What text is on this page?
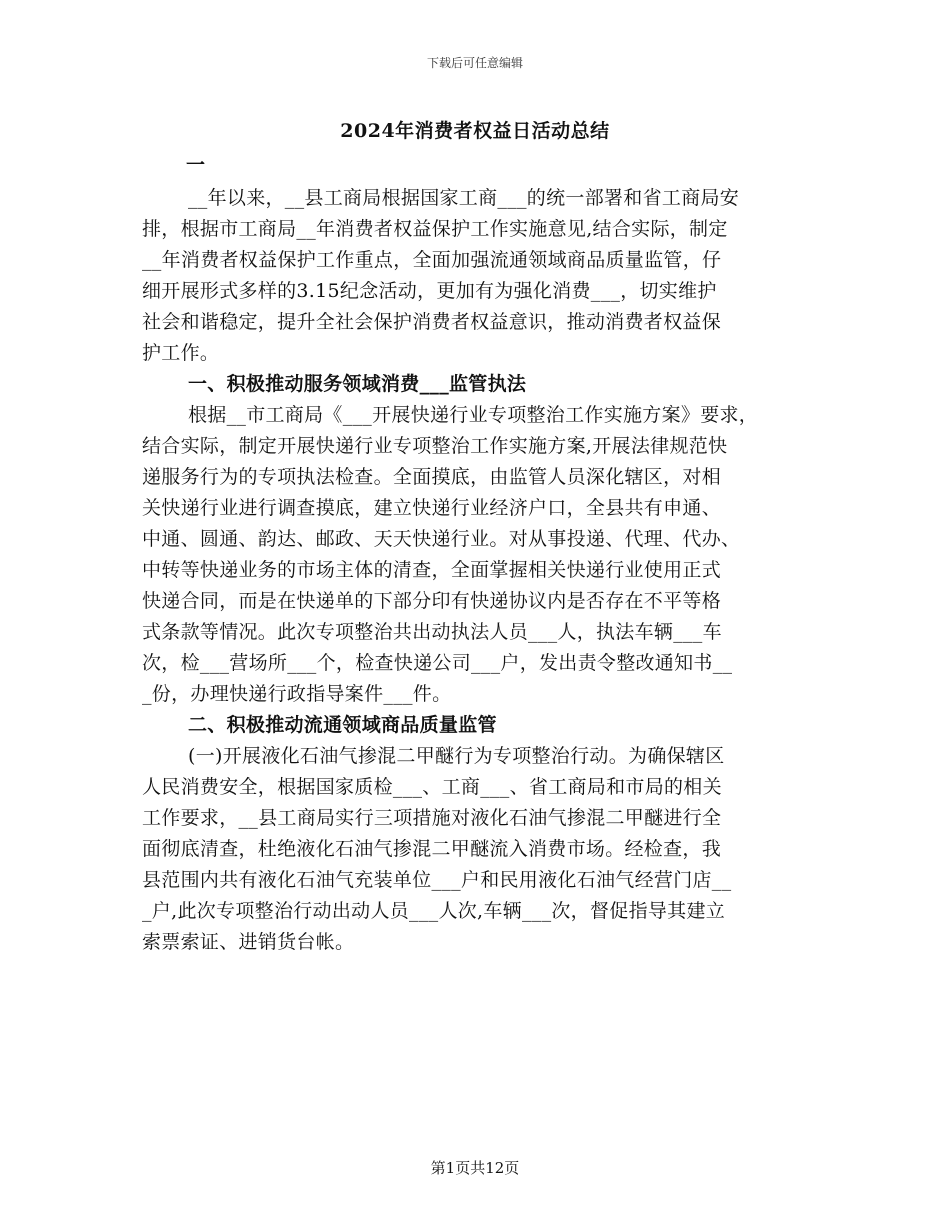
下载后可任意编辑
2024年消费者权益日活动总结
一
__年以来，__县工商局根据国家工商___的统一部署和省工商局安
排，根据市工商局__年消费者权益保护工作实施意见,结合实际，制定
__年消费者权益保护工作重点，全面加强流通领域商品质量监管，仔
细开展形式多样的3.15纪念活动，更加有为强化消费___，切实维护
社会和谐稳定，提升全社会保护消费者权益意识，推动消费者权益保
护工作。
一、积极推动服务领域消费___监管执法
根据__市工商局《___开展快递行业专项整治工作实施方案》要求，
结合实际，制定开展快递行业专项整治工作实施方案,开展法律规范快
递服务行为的专项执法检查。全面摸底，由监管人员深化辖区，对相
关快递行业进行调查摸底，建立快递行业经济户口，全县共有申通、
中通、圆通、韵达、邮政、天天快递行业。对从事投递、代理、代办、
中转等快递业务的市场主体的清查，全面掌握相关快递行业使用正式
快递合同，而是在快递单的下部分印有快递协议内是否存在不平等格
式条款等情况。此次专项整治共出动执法人员___人，执法车辆___车
次，检___营场所___个，检查快递公司___户，发出责令整改通知书__
_份，办理快递行政指导案件___件。
二、积极推动流通领域商品质量监管
(一)开展液化石油气掺混二甲醚行为专项整治行动。为确保辖区
人民消费安全，根据国家质检___、工商___、省工商局和市局的相关
工作要求，__县工商局实行三项措施对液化石油气掺混二甲醚进行全
面彻底清查，杜绝液化石油气掺混二甲醚流入消费市场。经检查，我
县范围内共有液化石油气充装单位___户和民用液化石油气经营门店__
_户,此次专项整治行动出动人员___人次,车辆___次，督促指导其建立
索票索证、进销货台帐。
第1页共12页
